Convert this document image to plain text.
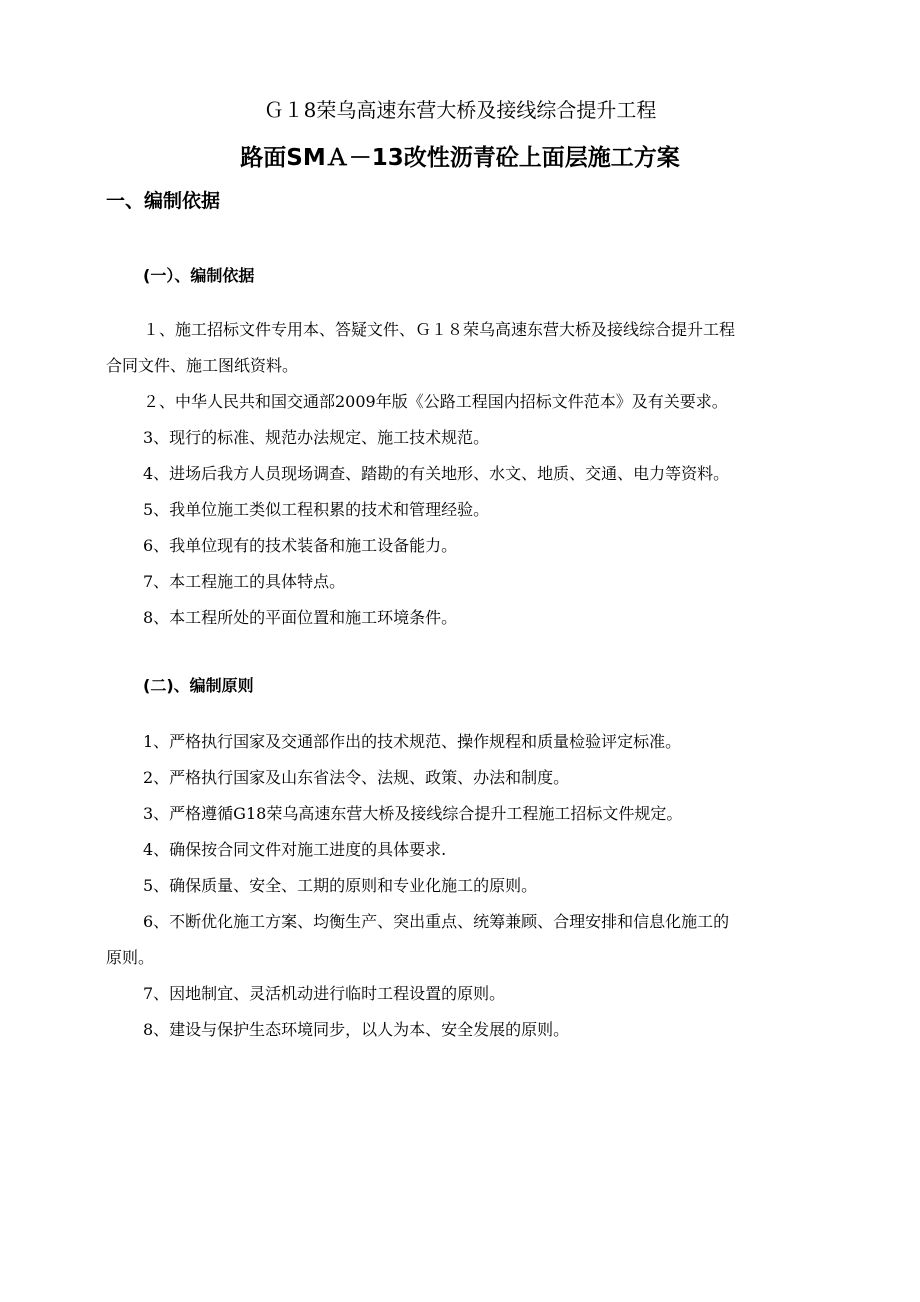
Ｇ１8荣乌高速东营大桥及接线综合提升工程
路面SMＡ－13改性沥青砼上面层施工方案
一、编制依据
(一）、编制依据
１、施工招标文件专用本、答疑文件、Ｇ１８荣乌高速东营大桥及接线综合提升工程
合同文件、施工图纸资料。
２、中华人民共和国交通部2009年版《公路工程国内招标文件范本》及有关要求。
3、现行的标准、规范办法规定、施工技术规范。
4、进场后我方人员现场调查、踏勘的有关地形、水文、地质、交通、电力等资料。
5、我单位施工类似工程积累的技术和管理经验。
6、我单位现有的技术装备和施工设备能力。
7、本工程施工的具体特点。
8、本工程所处的平面位置和施工环境条件。
(二)、编制原则
1、严格执行国家及交通部作出的技术规范、操作规程和质量检验评定标准。
2、严格执行国家及山东省法令、法规、政策、办法和制度。
3、严格遵循G18荣乌高速东营大桥及接线综合提升工程施工招标文件规定。
4、确保按合同文件对施工进度的具体要求.
5、确保质量、安全、工期的原则和专业化施工的原则。
6、不断优化施工方案、均衡生产、突出重点、统筹兼顾、合理安排和信息化施工的
原则。
7、因地制宜、灵活机动进行临时工程设置的原则。
8、建设与保护生态环境同步，以人为本、安全发展的原则。
